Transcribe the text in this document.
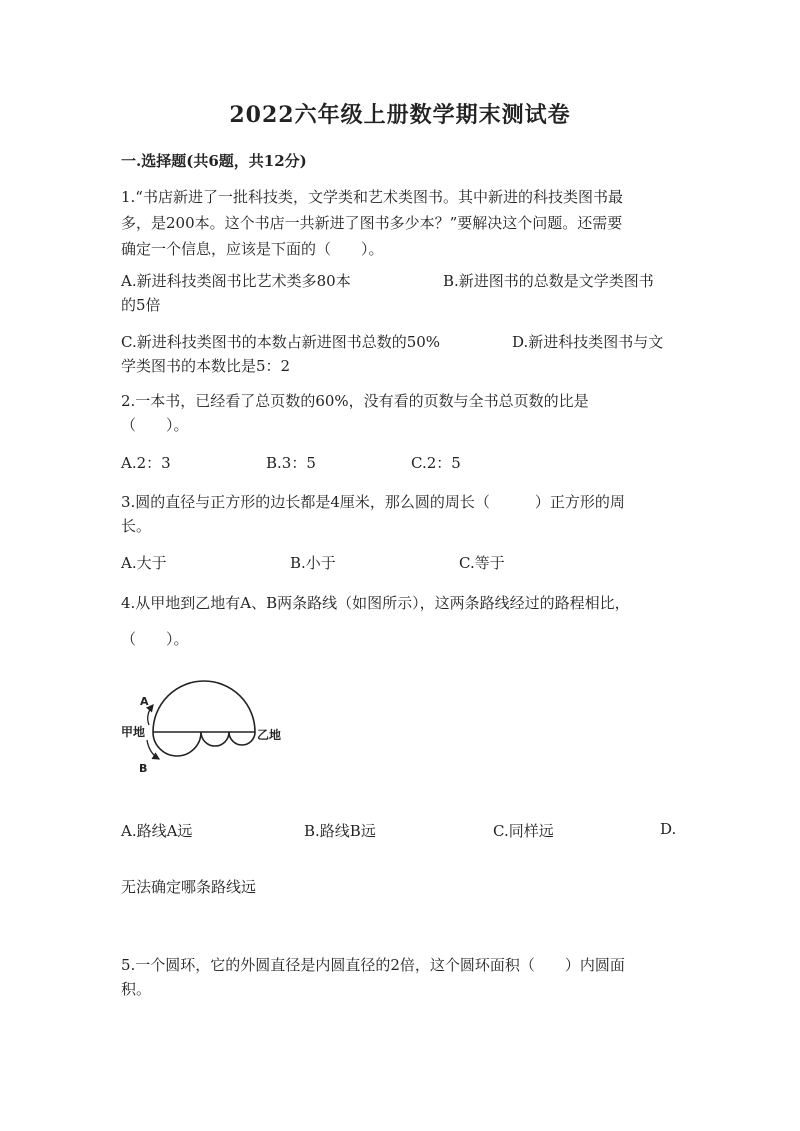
2022六年级上册数学期末测试卷
一.选择题(共6题，共12分)
1.“书店新进了一批科技类，文学类和艺术类图书。其中新进的科技类图书最
多，是200本。这个书店一共新进了图书多少本？”要解决这个问题。还需要
确定一个信息，应该是下面的（　　）。
A.新进科技类阁书比艺术类多80本	B.新进图书的总数是文学类图书
的5倍
C.新进科技类图书的本数占新进图书总数的50%	D.新进科技类图书与文
学类图书的本数比是5：2
2.一本书，已经看了总页数的60%，没有看的页数与全书总页数的比是
（　　）。
A.2：3	B.3：5	C.2：5
3.圆的直径与正方形的边长都是4厘米，那么圆的周长（　　　）正方形的周
长。
A.大于	B.小于	C.等于
4.从甲地到乙地有A、B两条路线（如图所示），这两条路线经过的路程相比，
（　　）。
A
B
甲地	乙地
A.路线A远	B.路线B远	C.同样远	D.
无法确定哪条路线远
5.一个圆环，它的外圆直径是内圆直径的2倍，这个圆环面积（　　）内圆面
积。
